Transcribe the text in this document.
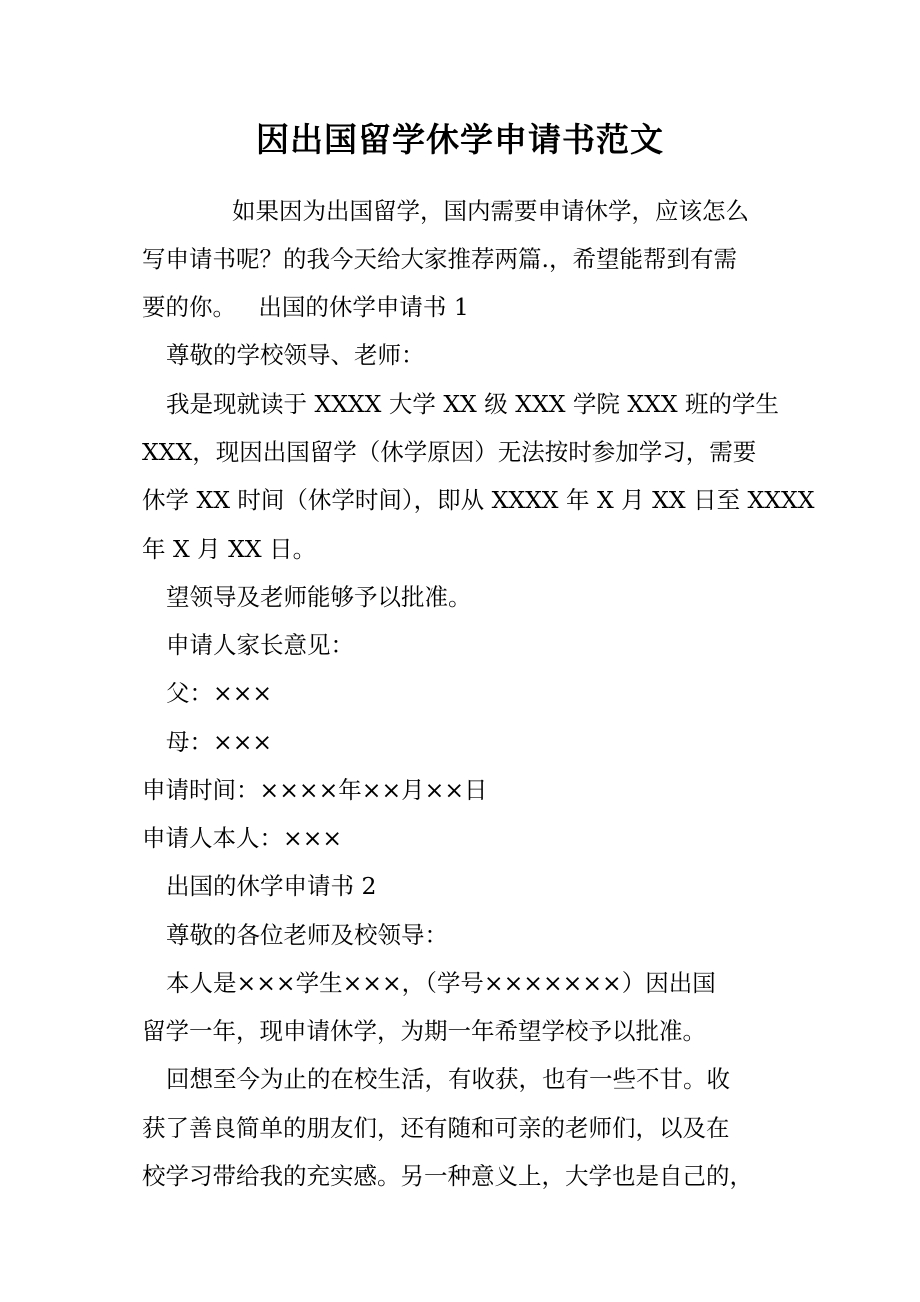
因出国留学休学申请书范文

如果因为出国留学，国内需要申请休学，应该怎么

写申请书呢？的我今天给大家推荐两篇.，希望能帮到有需

要的你。   出国的休学申请书 1

尊敬的学校领导、老师：

我是现就读于 XXXX 大学 XX 级 XXX 学院 XXX 班的学生

XXX，现因出国留学（休学原因）无法按时参加学习，需要

休学 XX 时间（休学时间），即从 XXXX 年 X 月 XX 日至 XXXX

年 X 月 XX 日。

望领导及老师能够予以批准。

申请人家长意见：

父：×××

母：×××

申请时间：××××年××月××日

申请人本人：×××

出国的休学申请书 2

尊敬的各位老师及校领导：

本人是×××学生×××，（学号×××××××）因出国

留学一年，现申请休学，为期一年希望学校予以批准。

回想至今为止的在校生活，有收获，也有一些不甘。收

获了善良简单的朋友们，还有随和可亲的老师们，以及在

校学习带给我的充实感。另一种意义上，大学也是自己的，
